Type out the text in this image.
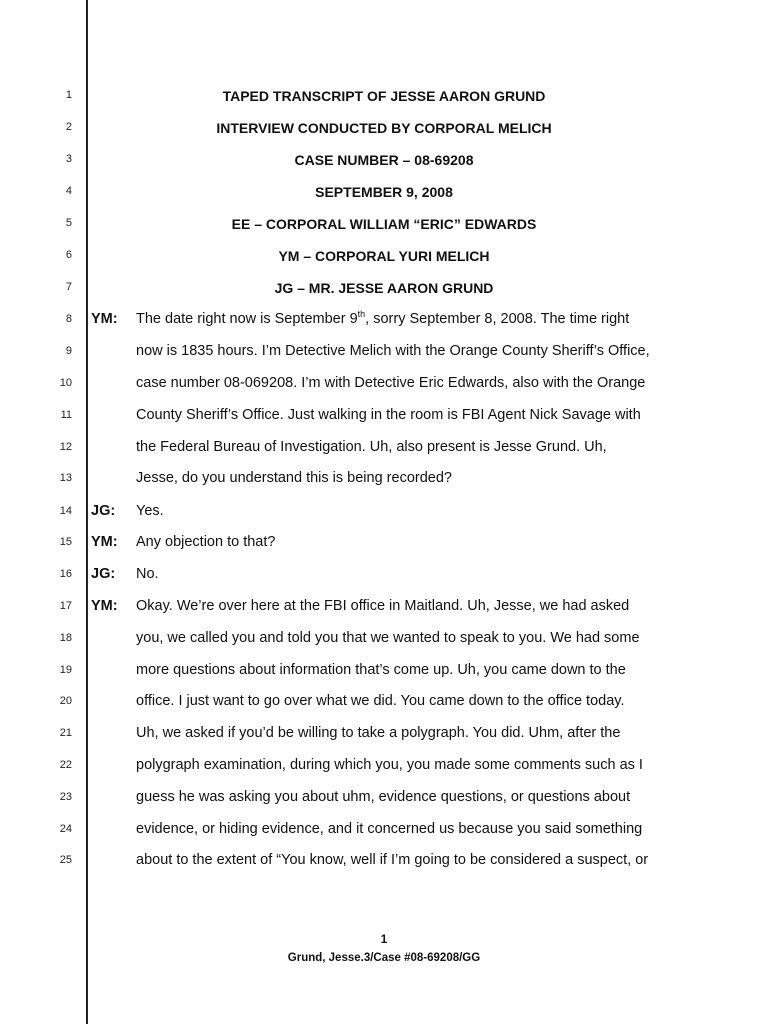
1	TAPED TRANSCRIPT OF JESSE AARON GRUND
2	INTERVIEW CONDUCTED BY CORPORAL MELICH
3	CASE NUMBER – 08-69208
4	SEPTEMBER 9, 2008
5	EE – CORPORAL WILLIAM “ERIC” EDWARDS
6	YM – CORPORAL YURI MELICH
7	JG – MR. JESSE AARON GRUND
8 YM: The date right now is September 9th, sorry September 8, 2008. The time right
9	now is 1835 hours. I’m Detective Melich with the Orange County Sheriff’s Office,
10	case number 08-069208. I’m with Detective Eric Edwards, also with the Orange
11	County Sheriff’s Office. Just walking in the room is FBI Agent Nick Savage with
12	the Federal Bureau of Investigation. Uh, also present is Jesse Grund. Uh,
13	Jesse, do you understand this is being recorded?
14 JG: Yes.
15 YM: Any objection to that?
16 JG: No.
17 YM: Okay. We’re over here at the FBI office in Maitland. Uh, Jesse, we had asked
18	you, we called you and told you that we wanted to speak to you. We had some
19	more questions about information that’s come up. Uh, you came down to the
20	office. I just want to go over what we did. You came down to the office today.
21	Uh, we asked if you’d be willing to take a polygraph. You did. Uhm, after the
22	polygraph examination, during which you, you made some comments such as I
23	guess he was asking you about uhm, evidence questions, or questions about
24	evidence, or hiding evidence, and it concerned us because you said something
25	about to the extent of “You know, well if I’m going to be considered a suspect, or
1
Grund, Jesse.3/Case #08-69208/GG
